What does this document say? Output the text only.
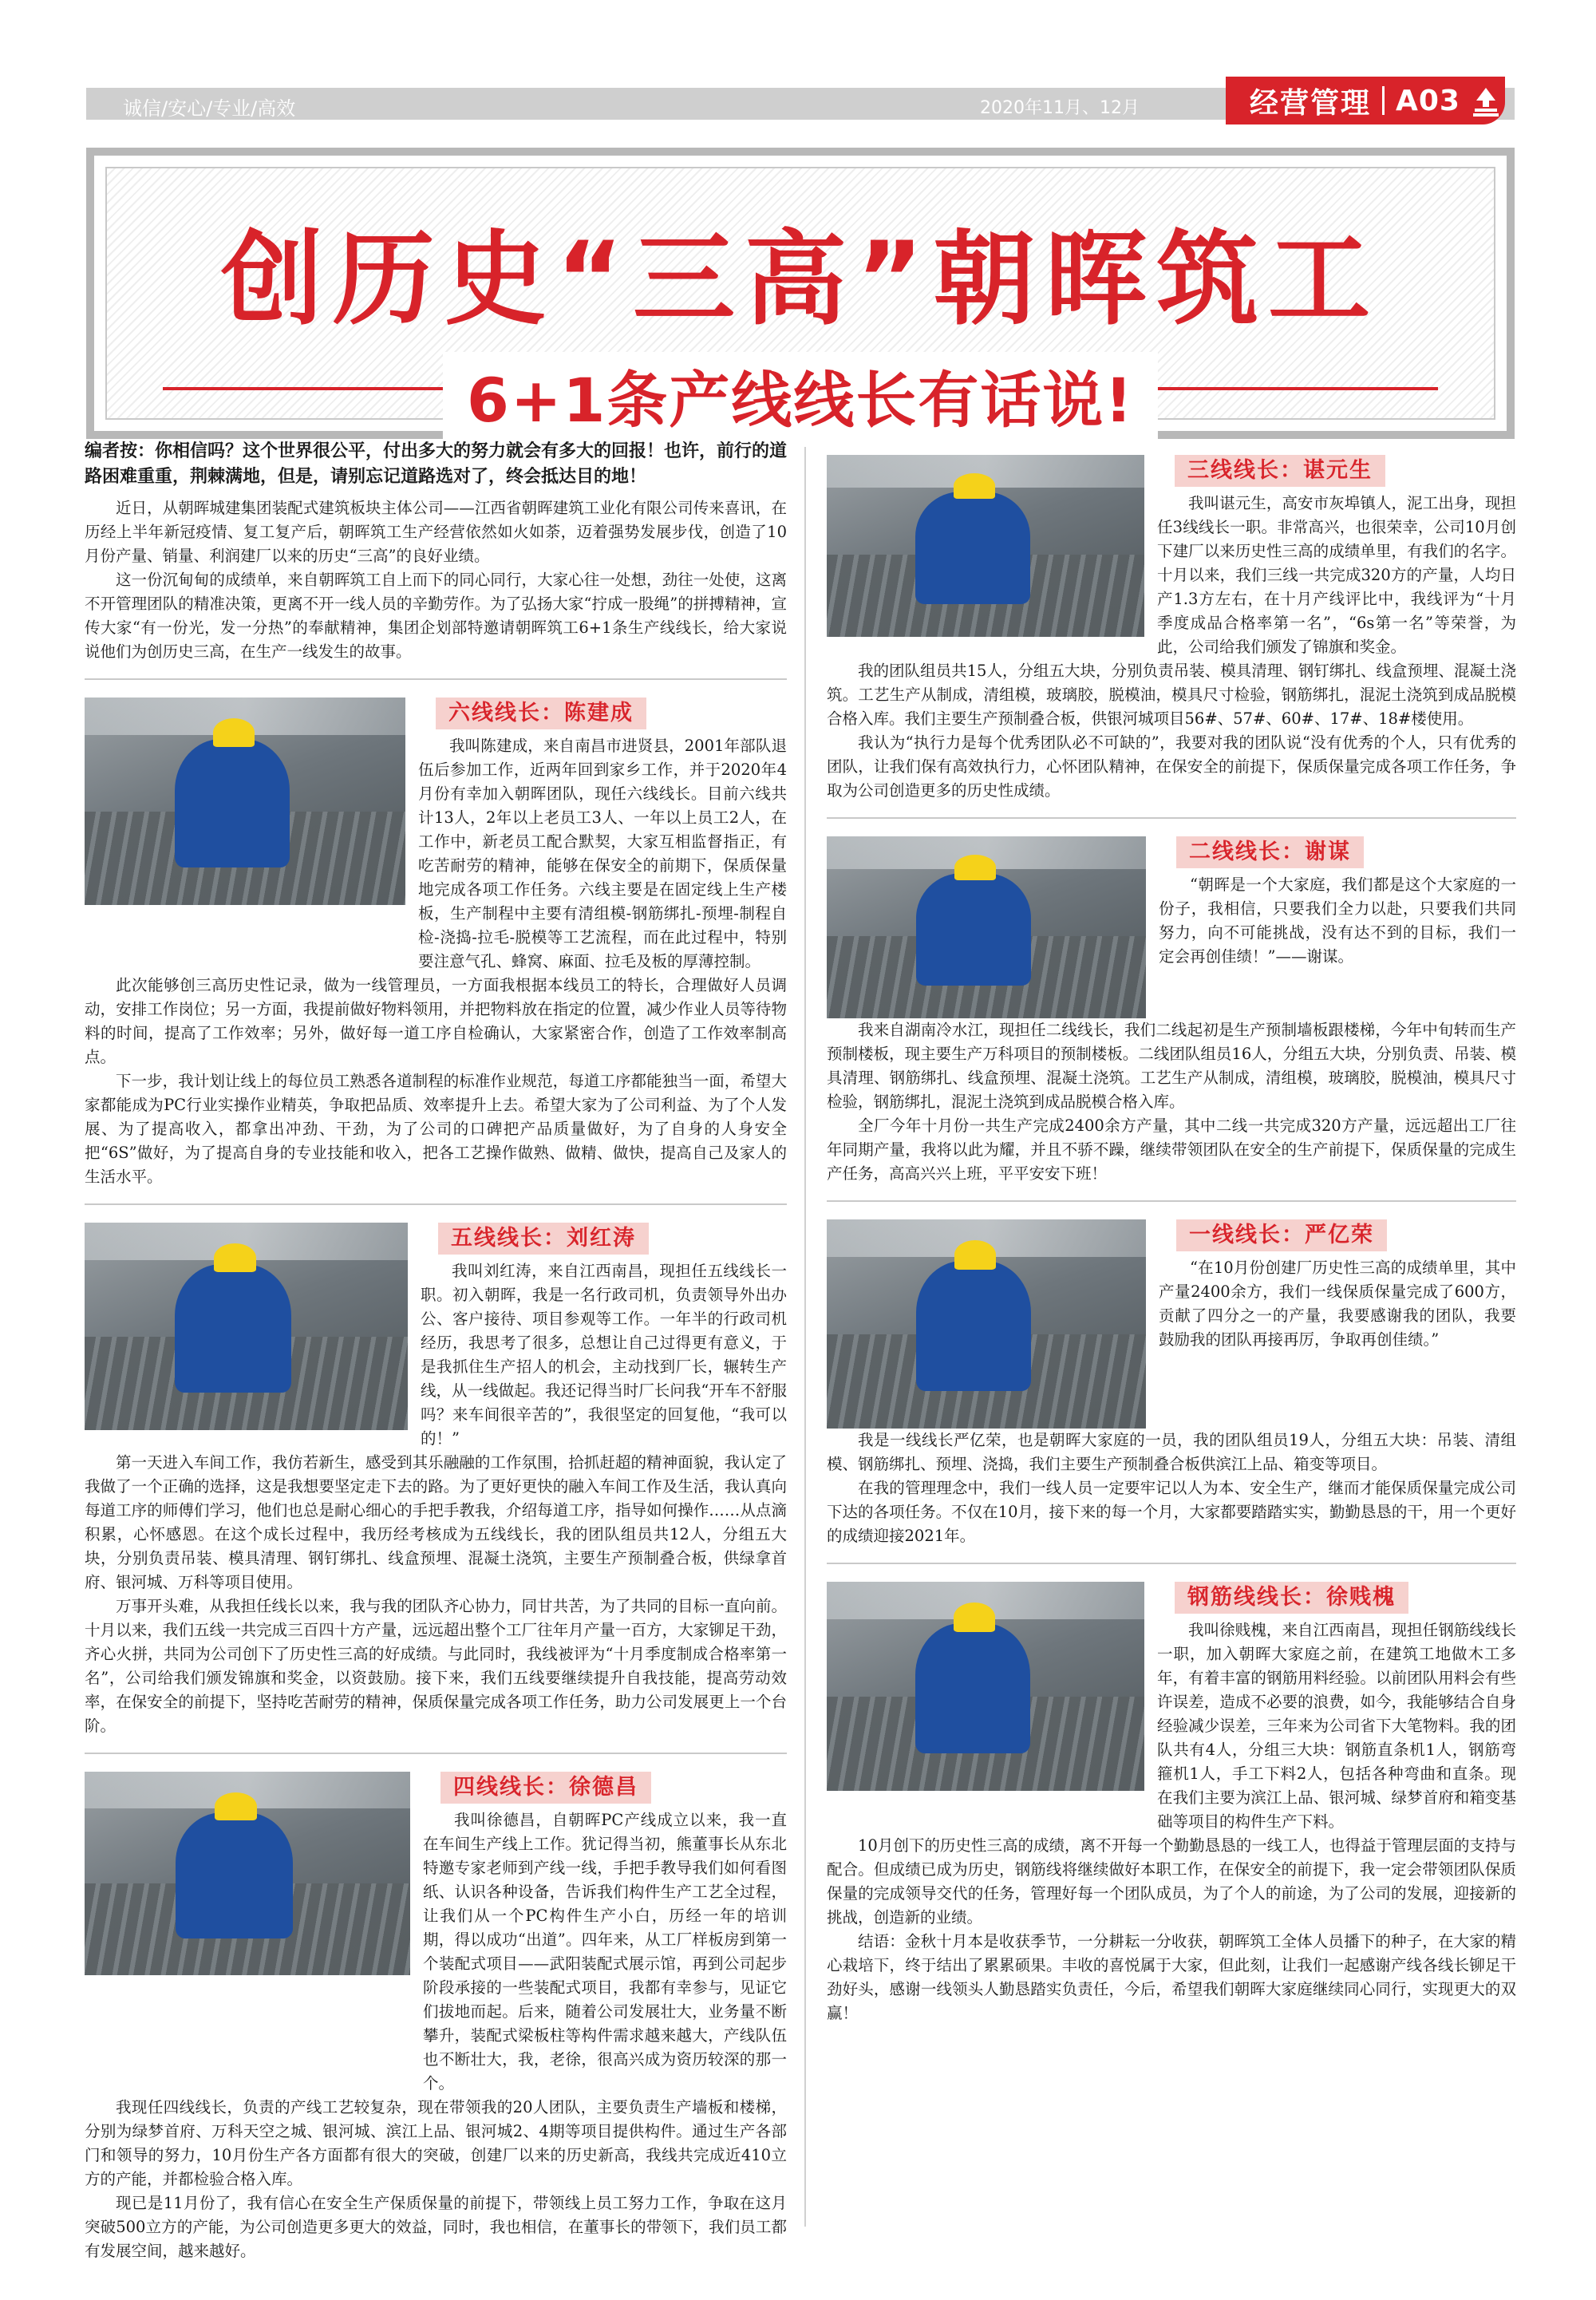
诚信/安心/专业/高效	2020年11月、12月	经营管理 A03
创历史“三高”朝晖筑工
6+1条产线线长有话说!

编者按：你相信吗？这个世界很公平，付出多大的努力就会有多大的回报！也许，前行的道路困难重重，荆棘满地，但是，请别忘记道路选对了，终会抵达目的地！

近日，从朝晖城建集团装配式建筑板块主体公司——江西省朝晖建筑工业化有限公司传来喜讯，在历经上半年新冠疫情、复工复产后，朝晖筑工生产经营依然如火如荼，迈着强势发展步伐，创造了10月份产量、销量、利润建厂以来的历史“三高”的良好业绩。

这一份沉甸甸的成绩单，来自朝晖筑工自上而下的同心同行，大家心往一处想，劲往一处使，这离不开管理团队的精准决策，更离不开一线人员的辛勤劳作。为了弘扬大家“拧成一股绳”的拼搏精神，宣传大家“有一份光，发一分热”的奉献精神，集团企划部特邀请朝晖筑工6+1条生产线线长，给大家说说他们为创历史三高，在生产一线发生的故事。

六线线长：陈建成

我叫陈建成，来自南昌市进贤县，2001年部队退伍后参加工作，近两年回到家乡工作，并于2020年4月份有幸加入朝晖团队，现任六线线长。目前六线共计13人，2年以上老员工3人、一年以上员工2人，在工作中，新老员工配合默契，大家互相监督指正，有吃苦耐劳的精神，能够在保安全的前期下，保质保量地完成各项工作任务。六线主要是在固定线上生产楼板，生产制程中主要有清组模-钢筋绑扎-预埋-制程自检-浇捣-拉毛-脱模等工艺流程，而在此过程中，特别要注意气孔、蜂窝、麻面、拉毛及板的厚薄控制。

此次能够创三高历史性记录，做为一线管理员，一方面我根据本线员工的特长，合理做好人员调动，安排工作岗位；另一方面，我提前做好物料领用，并把物料放在指定的位置，减少作业人员等待物料的时间，提高了工作效率；另外，做好每一道工序自检确认，大家紧密合作，创造了工作效率制高点。

下一步，我计划让线上的每位员工熟悉各道制程的标准作业规范，每道工序都能独当一面，希望大家都能成为PC行业实操作业精英，争取把品质、效率提升上去。希望大家为了公司利益、为了个人发展、为了提高收入，都拿出冲劲、干劲，为了公司的口碑把产品质量做好，为了自身的人身安全把“6S”做好，为了提高自身的专业技能和收入，把各工艺操作做熟、做精、做快，提高自己及家人的生活水平。

五线线长：刘红涛

我叫刘红涛，来自江西南昌，现担任五线线长一职。初入朝晖，我是一名行政司机，负责领导外出办公、客户接待、项目参观等工作。一年半的行政司机经历，我思考了很多，总想让自己过得更有意义，于是我抓住生产招人的机会，主动找到厂长，辗转生产线，从一线做起。我还记得当时厂长问我“开车不舒服吗？来车间很辛苦的”，我很坚定的回复他，“我可以的！”

第一天进入车间工作，我仿若新生，感受到其乐融融的工作氛围，拾抓赶超的精神面貌，我认定了我做了一个正确的选择，这是我想要坚定走下去的路。为了更好更快的融入车间工作及生活，我认真向每道工序的师傅们学习，他们也总是耐心细心的手把手教我，介绍每道工序，指导如何操作……从点滴积累，心怀感恩。在这个成长过程中，我历经考核成为五线线长，我的团队组员共12人，分组五大块，分别负责吊装、模具清理、钢钉绑扎、线盒预埋、混凝土浇筑，主要生产预制叠合板，供绿拿首府、银河城、万科等项目使用。

万事开头难，从我担任线长以来，我与我的团队齐心协力，同甘共苦，为了共同的目标一直向前。十月以来，我们五线一共完成三百四十方产量，远远超出整个工厂往年月产量一百方，大家铆足干劲，齐心火拼，共同为公司创下了历史性三高的好成绩。与此同时，我线被评为“十月季度制成合格率第一名”，公司给我们颁发锦旗和奖金，以资鼓励。接下来，我们五线要继续提升自我技能，提高劳动效率，在保安全的前提下，坚持吃苦耐劳的精神，保质保量完成各项工作任务，助力公司发展更上一个台阶。

四线线长：徐德昌

我叫徐德昌，自朝晖PC产线成立以来，我一直在车间生产线上工作。犹记得当初，熊董事长从东北特邀专家老师到产线一线，手把手教导我们如何看图纸、认识各种设备，告诉我们构件生产工艺全过程，让我们从一个PC构件生产小白，历经一年的培训期，得以成功“出道”。四年来，从工厂样板房到第一个装配式项目——武阳装配式展示馆，再到公司起步阶段承接的一些装配式项目，我都有幸参与，见证它们拔地而起。后来，随着公司发展壮大，业务量不断攀升，装配式梁板柱等构件需求越来越大，产线队伍也不断壮大，我，老徐，很高兴成为资历较深的那一个。

我现任四线线长，负责的产线工艺较复杂，现在带领我的20人团队，主要负责生产墙板和楼梯，分别为绿梦首府、万科天空之城、银河城、滨江上品、银河城2、4期等项目提供构件。通过生产各部门和领导的努力，10月份生产各方面都有很大的突破，创建厂以来的历史新高，我线共完成近410立方的产能，并都检验合格入库。

现已是11月份了，我有信心在安全生产保质保量的前提下，带领线上员工努力工作，争取在这月突破500立方的产能，为公司创造更多更大的效益，同时，我也相信，在董事长的带领下，我们员工都有发展空间，越来越好。

三线线长：谌元生

我叫谌元生，高安市灰埠镇人，泥工出身，现担任3线线长一职。非常高兴，也很荣幸，公司10月创下建厂以来历史性三高的成绩单里，有我们的名字。十月以来，我们三线一共完成320方的产量，人均日产1.3方左右，在十月产线评比中，我线评为“十月季度成品合格率第一名”，“6s第一名”等荣誉，为此，公司给我们颁发了锦旗和奖金。

我的团队组员共15人，分组五大块，分别负责吊装、模具清理、钢钉绑扎、线盒预埋、混凝土浇筑。工艺生产从制成，清组模，玻璃胶，脱模油，模具尺寸检验，钢筋绑扎，混泥土浇筑到成品脱模合格入库。我们主要生产预制叠合板，供银河城项目56#、57#、60#、17#、18#楼使用。

我认为“执行力是每个优秀团队必不可缺的”，我要对我的团队说“没有优秀的个人，只有优秀的团队，让我们保有高效执行力，心怀团队精神，在保安全的前提下，保质保量完成各项工作任务，争取为公司创造更多的历史性成绩。

二线线长：谢谋

“朝晖是一个大家庭，我们都是这个大家庭的一份子，我相信，只要我们全力以赴，只要我们共同努力，向不可能挑战，没有达不到的目标，我们一定会再创佳绩！”——谢谋。

我来自湖南冷水江，现担任二线线长，我们二线起初是生产预制墙板跟楼梯，今年中旬转而生产预制楼板，现主要生产万科项目的预制楼板。二线团队组员16人，分组五大块，分别负责、吊装、模具清理、钢筋绑扎、线盒预埋、混凝土浇筑。工艺生产从制成，清组模，玻璃胶，脱模油，模具尺寸检验，钢筋绑扎，混泥土浇筑到成品脱模合格入库。

全厂今年十月份一共生产完成2400余方产量，其中二线一共完成320方产量，远远超出工厂往年同期产量，我将以此为耀，并且不骄不躁，继续带领团队在安全的生产前提下，保质保量的完成生产任务，高高兴兴上班，平平安安下班！

一线线长：严亿荣

“在10月份创建厂历史性三高的成绩单里，其中产量2400余方，我们一线保质保量完成了600方，贡献了四分之一的产量，我要感谢我的团队，我要鼓励我的团队再接再厉，争取再创佳绩。”

我是一线线长严亿荣，也是朝晖大家庭的一员，我的团队组员19人，分组五大块：吊装、清组模、钢筋绑扎、预埋、浇捣，我们主要生产预制叠合板供滨江上品、箱变等项目。

在我的管理理念中，我们一线人员一定要牢记以人为本、安全生产，继而才能保质保量完成公司下达的各项任务。不仅在10月，接下来的每一个月，大家都要踏踏实实，勤勤恳恳的干，用一个更好的成绩迎接2021年。

钢筋线线长：徐贱槐

我叫徐贱槐，来自江西南昌，现担任钢筋线线长一职，加入朝晖大家庭之前，在建筑工地做木工多年，有着丰富的钢筋用料经验。以前团队用料会有些许误差，造成不必要的浪费，如今，我能够结合自身经验减少误差，三年来为公司省下大笔物料。我的团队共有4人，分组三大块：钢筋直条机1人，钢筋弯箍机1人，手工下料2人，包括各种弯曲和直条。现在我们主要为滨江上品、银河城、绿梦首府和箱变基础等项目的构件生产下料。

10月创下的历史性三高的成绩，离不开每一个勤勤恳恳的一线工人，也得益于管理层面的支持与配合。但成绩已成为历史，钢筋线将继续做好本职工作，在保安全的前提下，我一定会带领团队保质保量的完成领导交代的任务，管理好每一个团队成员，为了个人的前途，为了公司的发展，迎接新的挑战，创造新的业绩。

结语：金秋十月本是收获季节，一分耕耘一分收获，朝晖筑工全体人员播下的种子，在大家的精心栽培下，终于结出了累累硕果。丰收的喜悦属于大家，但此刻，让我们一起感谢产线各线长铆足干劲好头，感谢一线领头人勤恳踏实负责任，今后，希望我们朝晖大家庭继续同心同行，实现更大的双赢！
